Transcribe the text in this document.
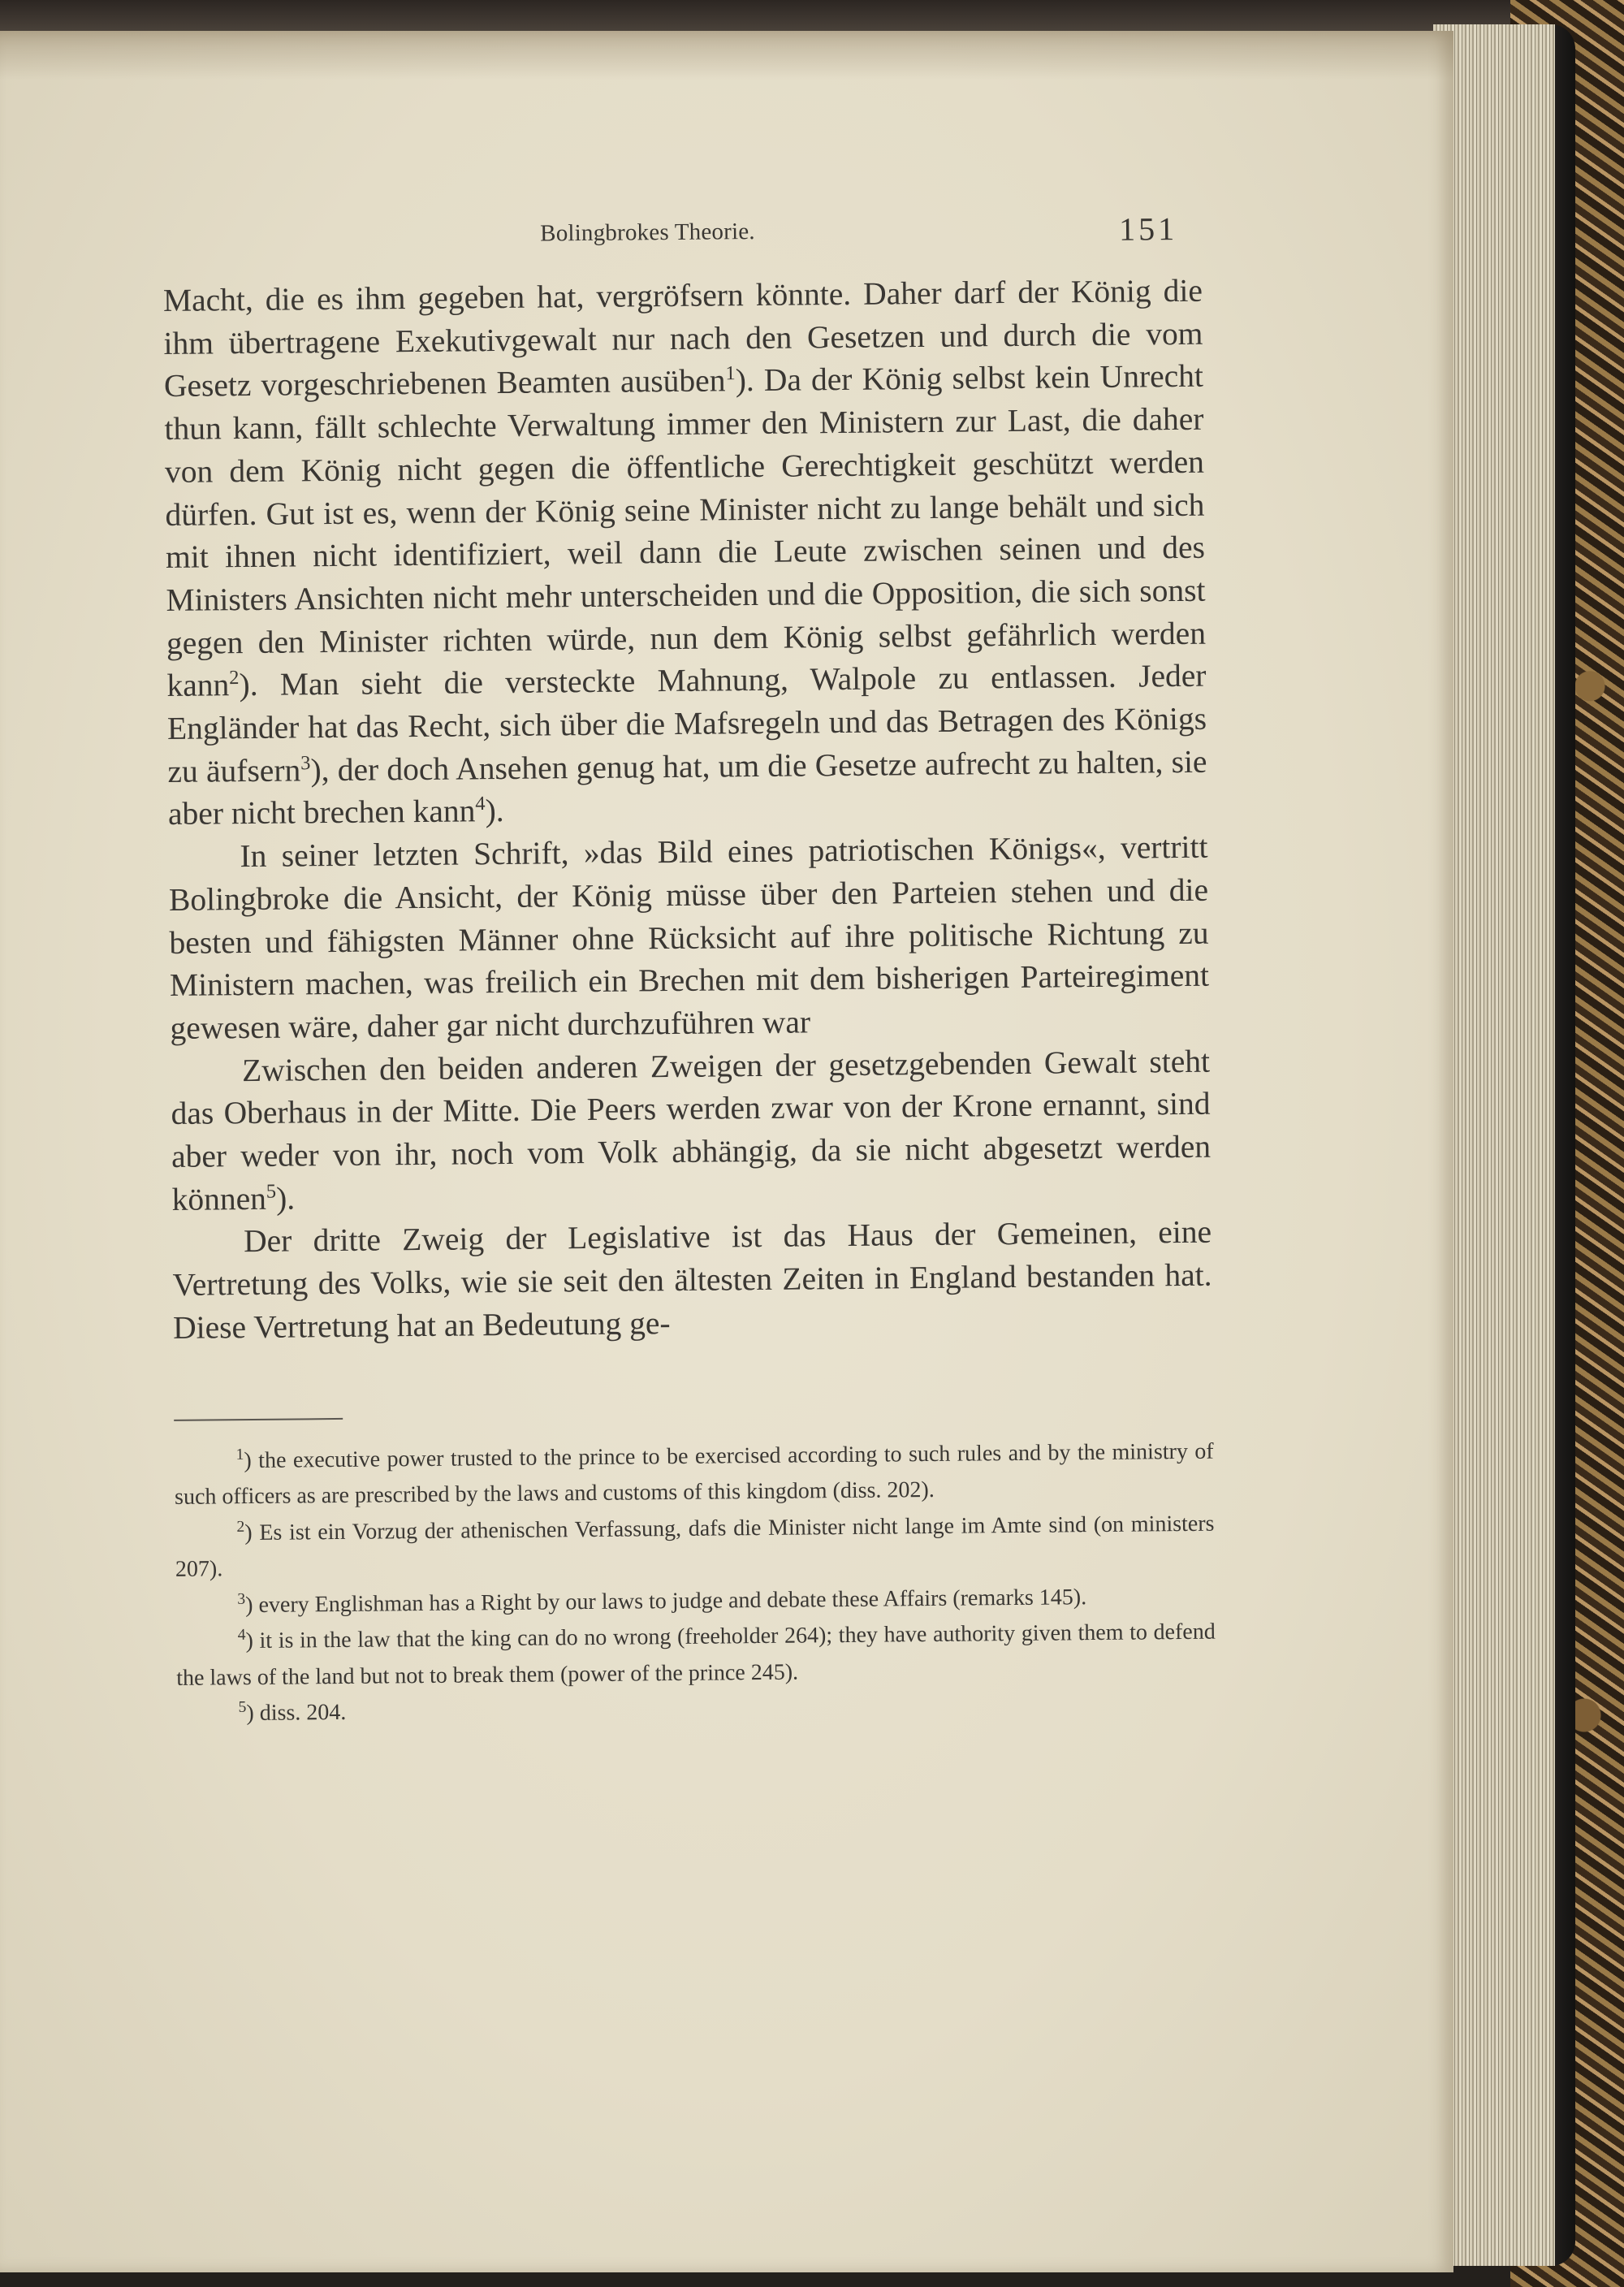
Bolingbrokes Theorie.	151

Macht, die es ihm gegeben hat, vergröfsern könnte. Daher darf der König die ihm übertragene Exekutivgewalt nur nach den Gesetzen und durch die vom Gesetz vorgeschriebenen Beamten ausüben$^1$). Da der König selbst kein Unrecht thun kann, fällt schlechte Verwaltung immer den Ministern zur Last, die daher von dem König nicht gegen die öffentliche Gerechtigkeit geschützt werden dürfen. Gut ist es, wenn der König seine Minister nicht zu lange behält und sich mit ihnen nicht identifiziert, weil dann die Leute zwischen seinen und des Ministers Ansichten nicht mehr unterscheiden und die Opposition, die sich sonst gegen den Minister richten würde, nun dem König selbst gefährlich werden kann$^2$). Man sieht die versteckte Mahnung, Walpole zu entlassen. Jeder Engländer hat das Recht, sich über die Mafsregeln und das Betragen des Königs zu äufsern$^3$), der doch Ansehen genug hat, um die Gesetze aufrecht zu halten, sie aber nicht brechen kann$^4$).

In seiner letzten Schrift, »das Bild eines patriotischen Königs«, vertritt Bolingbroke die Ansicht, der König müsse über den Parteien stehen und die besten und fähigsten Männer ohne Rücksicht auf ihre politische Richtung zu Ministern machen, was freilich ein Brechen mit dem bisherigen Parteiregiment gewesen wäre, daher gar nicht durchzuführen war

Zwischen den beiden anderen Zweigen der gesetzgebenden Gewalt steht das Oberhaus in der Mitte. Die Peers werden zwar von der Krone ernannt, sind aber weder von ihr, noch vom Volk abhängig, da sie nicht abgesetzt werden können$^5$).

Der dritte Zweig der Legislative ist das Haus der Gemeinen, eine Vertretung des Volks, wie sie seit den ältesten Zeiten in England bestanden hat. Diese Vertretung hat an Bedeutung ge-

$^1$) the executive power trusted to the prince to be exercised according to such rules and by the ministry of such officers as are prescribed by the laws and customs of this kingdom (diss. 202).

$^2$) Es ist ein Vorzug der athenischen Verfassung, dafs die Minister nicht lange im Amte sind (on ministers 207).

$^3$) every Englishman has a Right by our laws to judge and debate these Affairs (remarks 145).

$^4$) it is in the law that the king can do no wrong (freeholder 264); they have authority given them to defend the laws of the land but not to break them (power of the prince 245).

$^5$) diss. 204.
